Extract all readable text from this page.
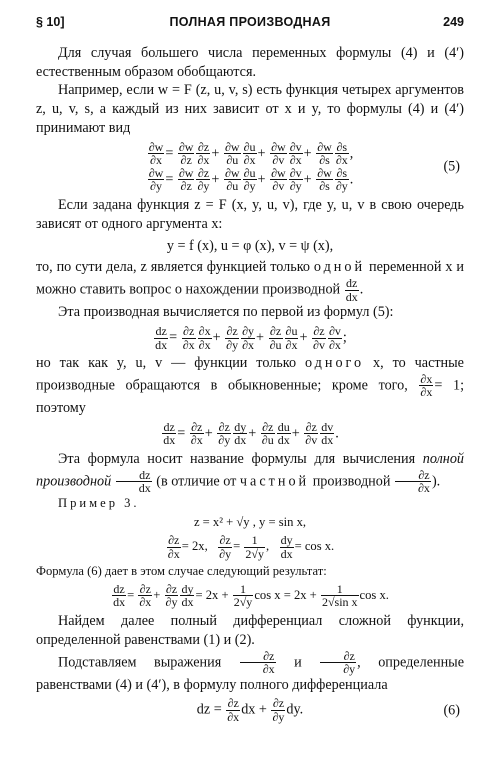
§ 10]	ПОЛНАЯ ПРОИЗВОДНАЯ	249

Для случая большего числа переменных формулы (4) и (4′) естественным образом обобщаются.

Например, если w = F (z, u, v, s) есть функция четырех аргументов z, u, v, s, а каждый из них зависит от x и y, то формулы (4) и (4′) принимают вид

$\frac{\partial w}{\partial x} = \frac{\partial w}{\partial z} \frac{\partial z}{\partial x} + \frac{\partial w}{\partial u} \frac{\partial u}{\partial x} + \frac{\partial w}{\partial v} \frac{\partial v}{\partial x} + \frac{\partial w}{\partial s} \frac{\partial s}{\partial x}$ ,
$\frac{\partial w}{\partial y} = \frac{\partial w}{\partial z} \frac{\partial z}{\partial y} + \frac{\partial w}{\partial u} \frac{\partial u}{\partial y} + \frac{\partial w}{\partial v} \frac{\partial v}{\partial y} + \frac{\partial w}{\partial s} \frac{\partial s}{\partial y}$ .
(5)

Если задана функция z = F (x, y, u, v), где y, u, v в свою очередь зависят от одного аргумента x:

y = f (x), u = φ (x), v = ψ (x),

то, по сути дела, z является функцией только одной переменной x и можно ставить вопрос о нахождении производной $\frac{dz}{dx}$ .

Эта производная вычисляется по первой из формул (5):

$\frac{dz}{dx} = \frac{\partial z}{\partial x} \frac{\partial x}{\partial x} + \frac{\partial z}{\partial y} \frac{\partial y}{\partial x} + \frac{\partial z}{\partial u} \frac{\partial u}{\partial x} + \frac{\partial z}{\partial v} \frac{\partial v}{\partial x}$ ;

но так как y, u, v — функции только одного x, то частные производные обращаются в обыкновенные; кроме того, $\frac{\partial x}{\partial x} = 1$; поэтому

$\frac{dz}{dx} = \frac{\partial z}{\partial x} + \frac{\partial z}{\partial y} \frac{dy}{dx} + \frac{\partial z}{\partial u} \frac{du}{dx} + \frac{\partial z}{\partial v} \frac{dv}{dx}$ .

Эта формула носит название формулы для вычисления полной производной $\frac{dz}{dx} (в$ отличие от частной производной $\frac{\partial z}{\partial x}$ ).

Пример 3.

z = x² + √y , y = sin x,
$\frac{\partial z}{\partial x} = 2x$, $\frac{\partial z}{\partial y} = \frac{1}{2√y}$ , $\frac{dy}{dx} = \cos x$.

Формула (6) дает в этом случае следующий результат:

$\frac{dz}{dx} = \frac{\partial z}{\partial x} + \frac{\partial z}{\partial y} \frac{dy}{dx} = 2x + \frac{1}{2√y}$ $\cos x = 2x + \frac{1}{\text{2√sin x}}$ cos x.

Найдем далее полный дифференциал сложной функции, определенной равенствами (1) и (2).

Подставляем выражения $\frac{\partial z}{\partial x}$ и $\frac{\partial z}{\partial y}$ , определенные равенствами (4) и (4′), в формулу полного дифференциала

dz = $\frac{\partial z}{\partial x}$ dx + $\frac{\partial z}{\partial y}$ dy.	(6)
